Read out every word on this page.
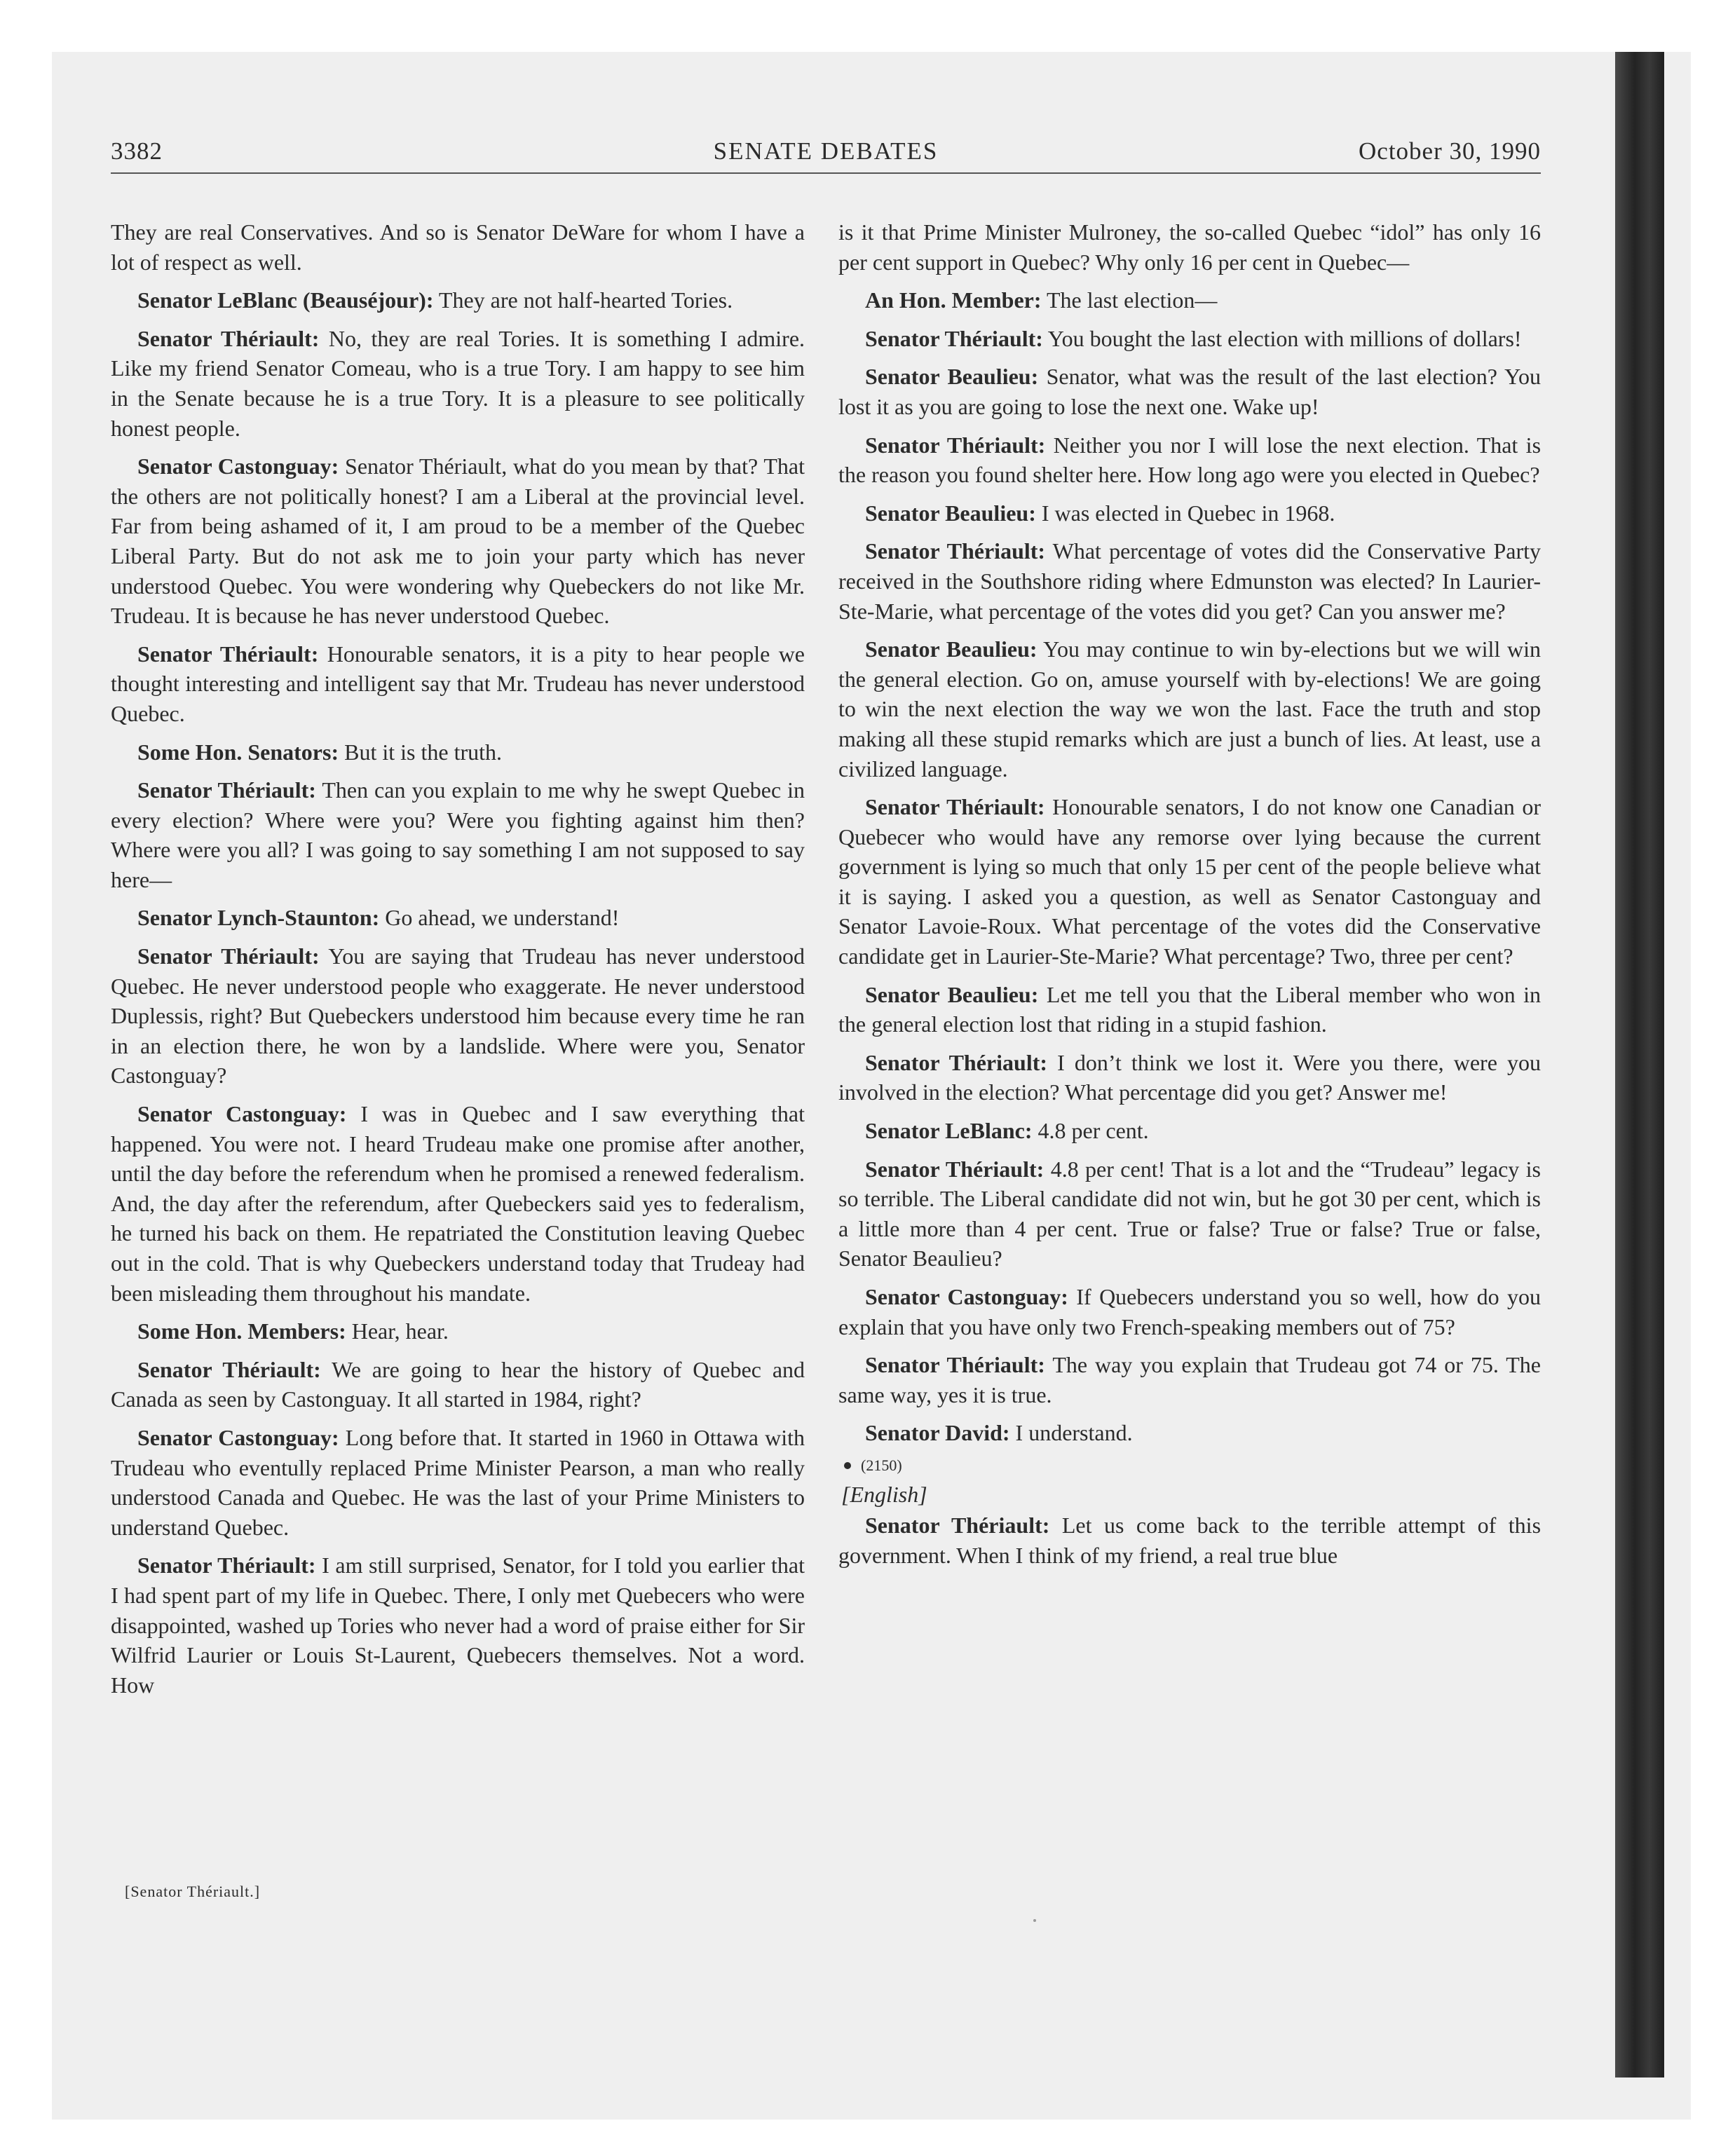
3382	SENATE DEBATES	October 30, 1990

They are real Conservatives. And so is Senator DeWare for whom I have a lot of respect as well.

Senator LeBlanc (Beauséjour): They are not half-hearted Tories.

Senator Thériault: No, they are real Tories. It is something I admire. Like my friend Senator Comeau, who is a true Tory. I am happy to see him in the Senate because he is a true Tory. It is a pleasure to see politically honest people.

Senator Castonguay: Senator Thériault, what do you mean by that? That the others are not politically honest? I am a Liberal at the provincial level. Far from being ashamed of it, I am proud to be a member of the Quebec Liberal Party. But do not ask me to join your party which has never understood Quebec. You were wondering why Quebeckers do not like Mr. Trudeau. It is because he has never understood Quebec.

Senator Thériault: Honourable senators, it is a pity to hear people we thought interesting and intelligent say that Mr. Trudeau has never understood Quebec.

Some Hon. Senators: But it is the truth.

Senator Thériault: Then can you explain to me why he swept Quebec in every election? Where were you? Were you fighting against him then? Where were you all? I was going to say something I am not supposed to say here—

Senator Lynch-Staunton: Go ahead, we understand!

Senator Thériault: You are saying that Trudeau has never understood Quebec. He never understood people who exaggerate. He never understood Duplessis, right? But Quebeckers understood him because every time he ran in an election there, he won by a landslide. Where were you, Senator Castonguay?

Senator Castonguay: I was in Quebec and I saw everything that happened. You were not. I heard Trudeau make one promise after another, until the day before the referendum when he promised a renewed federalism. And, the day after the referendum, after Quebeckers said yes to federalism, he turned his back on them. He repatriated the Constitution leaving Quebec out in the cold. That is why Quebeckers understand today that Trudeay had been misleading them throughout his mandate.

Some Hon. Members: Hear, hear.

Senator Thériault: We are going to hear the history of Quebec and Canada as seen by Castonguay. It all started in 1984, right?

Senator Castonguay: Long before that. It started in 1960 in Ottawa with Trudeau who eventully replaced Prime Minister Pearson, a man who really understood Canada and Quebec. He was the last of your Prime Ministers to understand Quebec.

Senator Thériault: I am still surprised, Senator, for I told you earlier that I had spent part of my life in Quebec. There, I only met Quebecers who were disappointed, washed up Tories who never had a word of praise either for Sir Wilfrid Laurier or Louis St-Laurent, Quebecers themselves. Not a word. How

is it that Prime Minister Mulroney, the so-called Quebec “idol” has only 16 per cent support in Quebec? Why only 16 per cent in Quebec—

An Hon. Member: The last election—

Senator Thériault: You bought the last election with millions of dollars!

Senator Beaulieu: Senator, what was the result of the last election? You lost it as you are going to lose the next one. Wake up!

Senator Thériault: Neither you nor I will lose the next election. That is the reason you found shelter here. How long ago were you elected in Quebec?

Senator Beaulieu: I was elected in Quebec in 1968.

Senator Thériault: What percentage of votes did the Conservative Party received in the Southshore riding where Edmunston was elected? In Laurier-Ste-Marie, what percentage of the votes did you get? Can you answer me?

Senator Beaulieu: You may continue to win by-elections but we will win the general election. Go on, amuse yourself with by-elections! We are going to win the next election the way we won the last. Face the truth and stop making all these stupid remarks which are just a bunch of lies. At least, use a civilized language.

Senator Thériault: Honourable senators, I do not know one Canadian or Quebecer who would have any remorse over lying because the current government is lying so much that only 15 per cent of the people believe what it is saying. I asked you a question, as well as Senator Castonguay and Senator Lavoie-Roux. What percentage of the votes did the Conservative candidate get in Laurier-Ste-Marie? What percentage? Two, three per cent?

Senator Beaulieu: Let me tell you that the Liberal member who won in the general election lost that riding in a stupid fashion.

Senator Thériault: I don’t think we lost it. Were you there, were you involved in the election? What percentage did you get? Answer me!

Senator LeBlanc: 4.8 per cent.

Senator Thériault: 4.8 per cent! That is a lot and the “Trudeau” legacy is so terrible. The Liberal candidate did not win, but he got 30 per cent, which is a little more than 4 per cent. True or false? True or false? True or false, Senator Beaulieu?

Senator Castonguay: If Quebecers understand you so well, how do you explain that you have only two French-speaking members out of 75?

Senator Thériault: The way you explain that Trudeau got 74 or 75. The same way, yes it is true.

Senator David: I understand.

(2150)
[English]

Senator Thériault: Let us come back to the terrible attempt of this government. When I think of my friend, a real true blue

[Senator Thériault.]
